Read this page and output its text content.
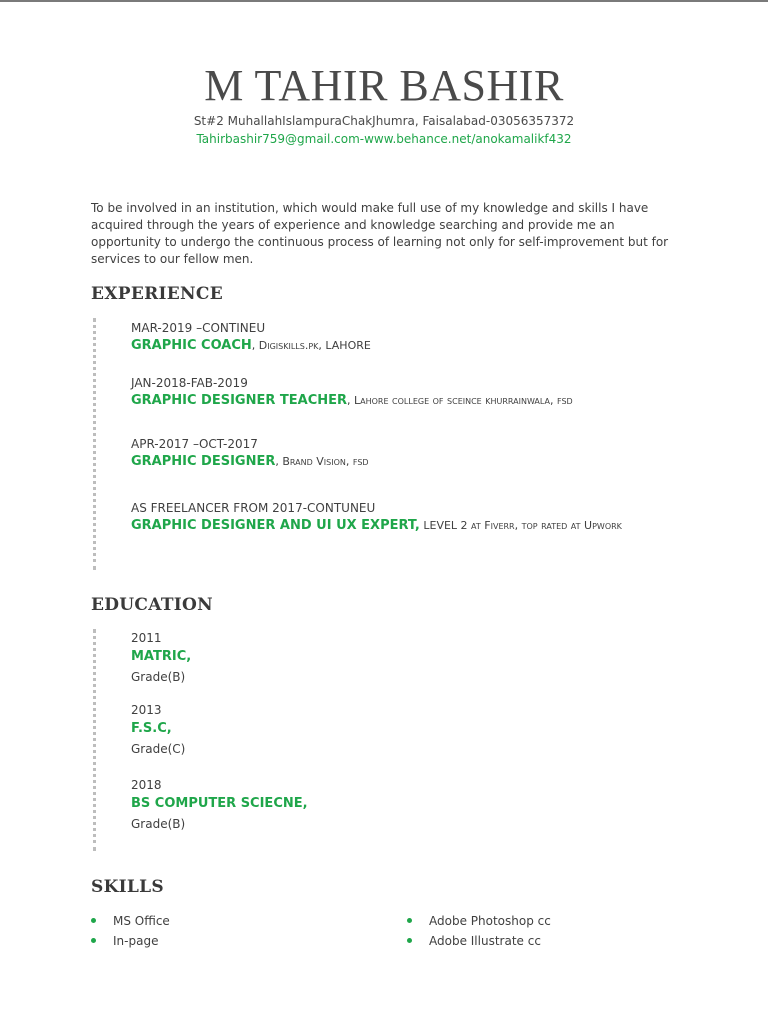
M TAHIR BASHIR
St#2 MuhallahIslampuraChakJhumra, Faisalabad-03056357372
Tahirbashir759@gmail.com-www.behance.net/anokamalikf432
To be involved in an institution, which would make full use of my knowledge and skills I have acquired through the years of experience and knowledge searching and provide me an opportunity to undergo the continuous process of learning not only for self-improvement but for services to our fellow men.
EXPERIENCE
MAR-2019 –CONTINEU
GRAPHIC COACH, Digiskills.pk, LAHORE
JAN-2018-FAB-2019
GRAPHIC DESIGNER TEACHER, Lahore college of sceince khurrainwala, fsd
APR-2017 –OCT-2017
GRAPHIC DESIGNER, Brand Vision, fsd
AS FREELANCER FROM 2017-CONTUNEU
GRAPHIC DESIGNER AND UI UX EXPERT, LEVEL 2 at Fiverr, top rated at Upwork
EDUCATION
2011
MATRIC,
Grade(B)
2013
F.S.C,
Grade(C)
2018
BS COMPUTER SCIECNE,
Grade(B)
SKILLS
MS Office
In-page
Adobe Photoshop cc
Adobe Illustrate cc
